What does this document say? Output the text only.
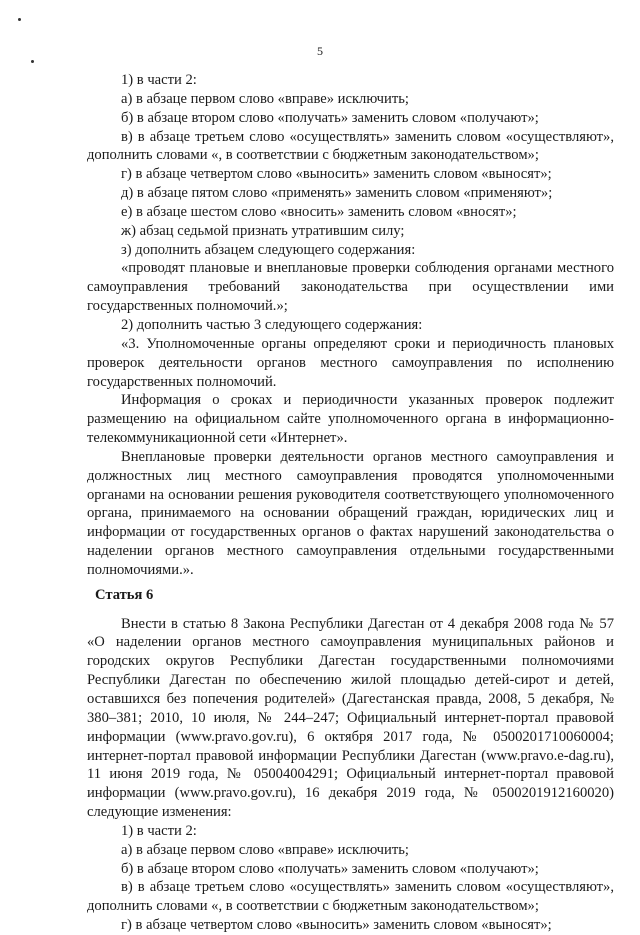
5

1) в части 2:

а) в абзаце первом слово «вправе» исключить;

б) в абзаце втором слово «получать» заменить словом «получают»;

в) в абзаце третьем слово «осуществлять» заменить словом «осуществляют», дополнить словами «, в соответствии с бюджетным законодательством»;

г) в абзаце четвертом слово «выносить» заменить словом «выносят»;

д) в абзаце пятом слово «применять» заменить словом «применяют»;

е) в абзаце шестом слово «вносить» заменить словом «вносят»;

ж) абзац седьмой признать утратившим силу;

з) дополнить абзацем следующего содержания:

«проводят плановые и внеплановые проверки соблюдения органами местного самоуправления требований законодательства при осуществлении ими государственных полномочий.»;

2) дополнить частью 3 следующего содержания:

«3. Уполномоченные органы определяют сроки и периодичность плановых проверок деятельности органов местного самоуправления по исполнению государственных полномочий.

Информация о сроках и периодичности указанных проверок подлежит размещению на официальном сайте уполномоченного органа в информационно-телекоммуникационной сети «Интернет».

Внеплановые проверки деятельности органов местного самоуправления и должностных лиц местного самоуправления проводятся уполномоченными органами на основании решения руководителя соответствующего уполномоченного органа, принимаемого на основании обращений граждан, юридических лиц и информации от государственных органов о фактах нарушений законодательства о наделении органов местного самоуправления отдельными государственными полномочиями.».

Статья 6

Внести в статью 8 Закона Республики Дагестан от 4 декабря 2008 года № 57 «О наделении органов местного самоуправления муниципальных районов и городских округов Республики Дагестан государственными полномочиями Республики Дагестан по обеспечению жилой площадью детей-сирот и детей, оставшихся без попечения родителей» (Дагестанская правда, 2008, 5 декабря, № 380–381; 2010, 10 июля, № 244–247; Официальный интернет-портал правовой информации (www.pravo.gov.ru), 6 октября 2017 года, № 0500201710060004; интернет-портал правовой информации Республики Дагестан (www.pravo.e-dag.ru), 11 июня 2019 года, № 05004004291; Официальный интернет-портал правовой информации (www.pravo.gov.ru), 16 декабря 2019 года, № 0500201912160020) следующие изменения:

1) в части 2:

а) в абзаце первом слово «вправе» исключить;

б) в абзаце втором слово «получать» заменить словом «получают»;

в) в абзаце третьем слово «осуществлять» заменить словом «осуществляют», дополнить словами «, в соответствии с бюджетным законодательством»;

г) в абзаце четвертом слово «выносить» заменить словом «выносят»;
